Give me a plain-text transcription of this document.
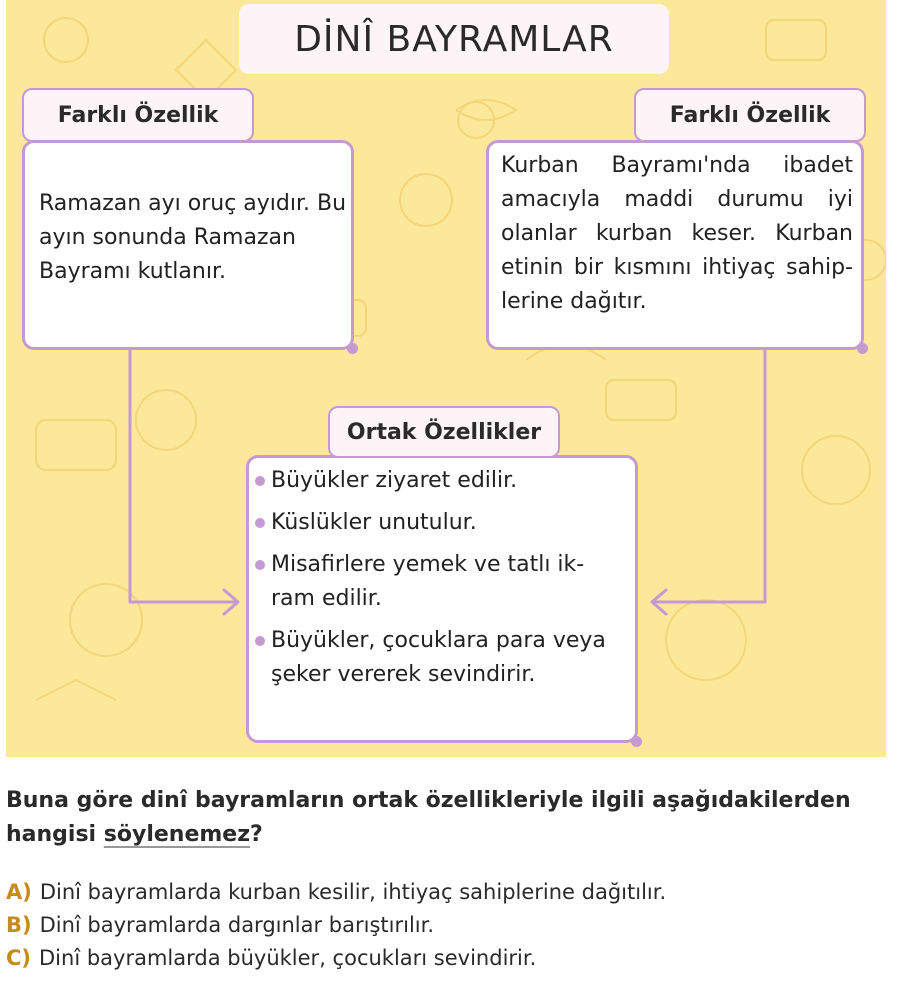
DİNÎ BAYRAMLAR
Ramazan ayı oruç ayıdır. Bu ayın sonunda Ramazan Bayramı kutlanır.
Farklı Özellik
Kurban Bayramı'nda ibadet amacıyla maddi durumu iyi olanlar kurban keser. Kurban etinin bir kısmını ihtiyaç sahip-lerine dağıtır.
Farklı Özellik
Büyükler ziyaret edilir.
Küslükler unutulur.
Misafirlere yemek ve tatlı ik-ram edilir.
Büyükler, çocuklara para veya şeker vererek sevindirir.
Ortak Özellikler
Buna göre dinî bayramların ortak özellikleriyle ilgili aşağıdakilerden hangisi söylenemez?
A) Dinî bayramlarda kurban kesilir, ihtiyaç sahiplerine dağıtılır.
B) Dinî bayramlarda dargınlar barıştırılır.
C) Dinî bayramlarda büyükler, çocukları sevindirir.
